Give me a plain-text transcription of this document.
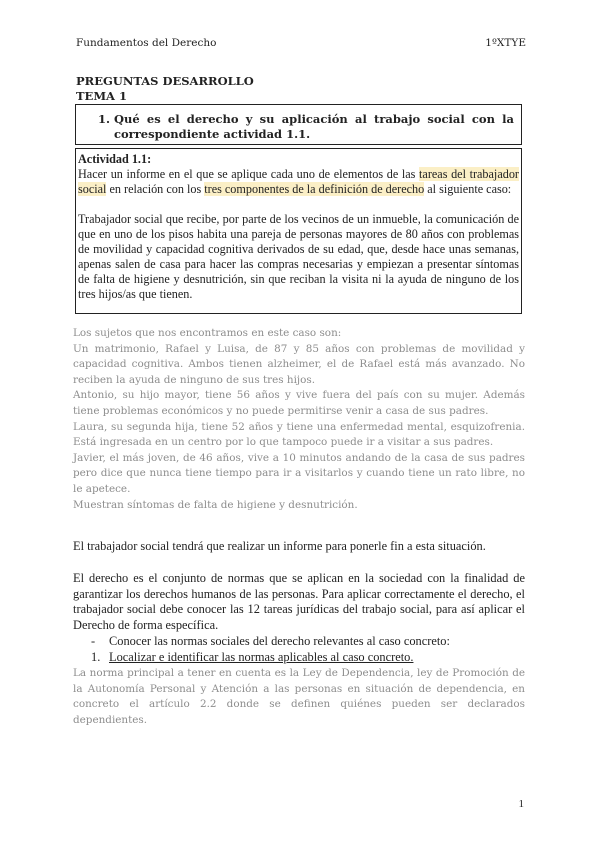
Fundamentos del Derecho	1ºXTYE
PREGUNTAS DESARROLLO
TEMA 1
1. Qué es el derecho y su aplicación al trabajo social con la correspondiente actividad 1.1.
Actividad 1.1:
Hacer un informe en el que se aplique cada uno de elementos de las tareas del trabajador social en relación con los tres componentes de la definición de derecho al siguiente caso:
Trabajador social que recibe, por parte de los vecinos de un inmueble, la comunicación de que en uno de los pisos habita una pareja de personas mayores de 80 años con problemas de movilidad y capacidad cognitiva derivados de su edad, que, desde hace unas semanas, apenas salen de casa para hacer las compras necesarias y empiezan a presentar síntomas de falta de higiene y desnutrición, sin que reciban la visita ni la ayuda de ninguno de los tres hijos/as que tienen.

Los sujetos que nos encontramos en este caso son:

Un matrimonio, Rafael y Luisa, de 87 y 85 años con problemas de movilidad y capacidad cognitiva. Ambos tienen alzheimer, el de Rafael está más avanzado. No reciben la ayuda de ninguno de sus tres hijos.

Antonio, su hijo mayor, tiene 56 años y vive fuera del país con su mujer. Además tiene problemas económicos y no puede permitirse venir a casa de sus padres.

Laura, su segunda hija, tiene 52 años y tiene una enfermedad mental, esquizofrenia. Está ingresada en un centro por lo que tampoco puede ir a visitar a sus padres.

Javier, el más joven, de 46 años, vive a 10 minutos andando de la casa de sus padres pero dice que nunca tiene tiempo para ir a visitarlos y cuando tiene un rato libre, no le apetece.

Muestran síntomas de falta de higiene y desnutrición.

El trabajador social tendrá que realizar un informe para ponerle fin a esta situación.
El derecho es el conjunto de normas que se aplican en la sociedad con la finalidad de garantizar los derechos humanos de las personas. Para aplicar correctamente el derecho, el trabajador social debe conocer las 12 tareas jurídicas del trabajo social, para así aplicar el Derecho de forma específica.
- Conocer las normas sociales del derecho relevantes al caso concreto:
1. Localizar e identificar las normas aplicables al caso concreto.
La norma principal a tener en cuenta es la Ley de Dependencia, ley de Promoción de la Autonomía Personal y Atención a las personas en situación de dependencia, en concreto el artículo 2.2 donde se definen quiénes pueden ser declarados dependientes.
1
